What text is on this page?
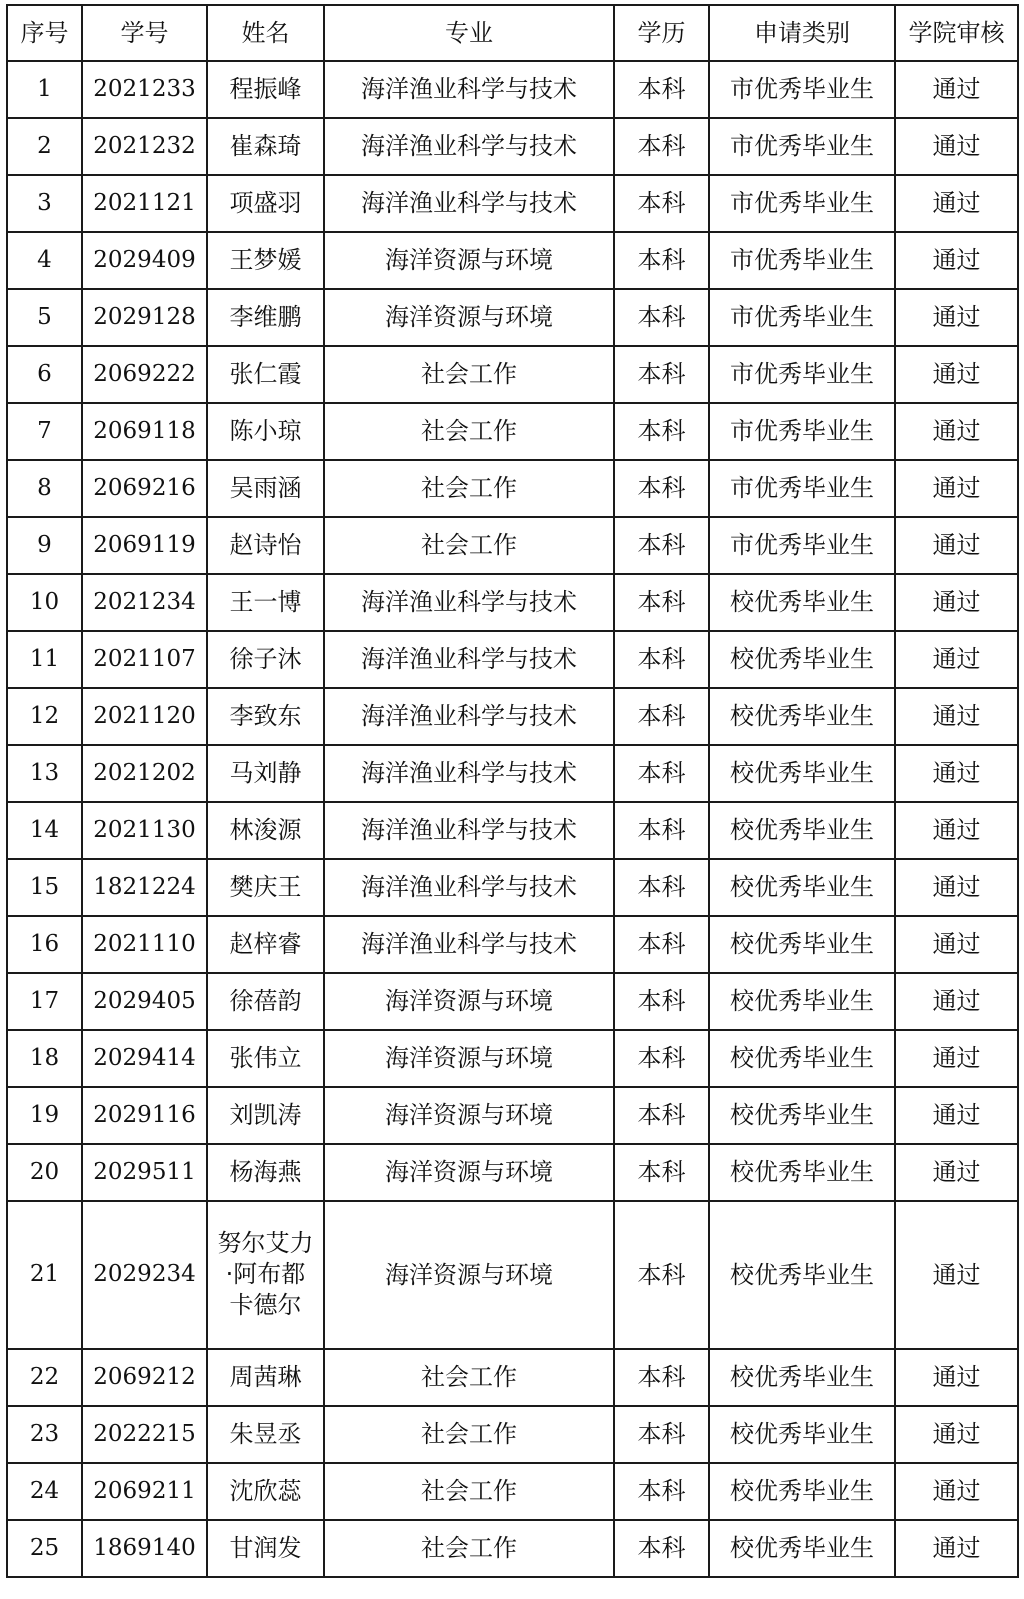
序号	学号	姓名	专业	学历	申请类别	学院审核
1	2021233	程振峰	海洋渔业科学与技术	本科	市优秀毕业生	通过
2	2021232	崔森琦	海洋渔业科学与技术	本科	市优秀毕业生	通过
3	2021121	项盛羽	海洋渔业科学与技术	本科	市优秀毕业生	通过
4	2029409	王梦媛	海洋资源与环境	本科	市优秀毕业生	通过
5	2029128	李维鹏	海洋资源与环境	本科	市优秀毕业生	通过
6	2069222	张仁霞	社会工作	本科	市优秀毕业生	通过
7	2069118	陈小琼	社会工作	本科	市优秀毕业生	通过
8	2069216	吴雨涵	社会工作	本科	市优秀毕业生	通过
9	2069119	赵诗怡	社会工作	本科	市优秀毕业生	通过
10	2021234	王一博	海洋渔业科学与技术	本科	校优秀毕业生	通过
11	2021107	徐子沐	海洋渔业科学与技术	本科	校优秀毕业生	通过
12	2021120	李致东	海洋渔业科学与技术	本科	校优秀毕业生	通过
13	2021202	马刘静	海洋渔业科学与技术	本科	校优秀毕业生	通过
14	2021130	林浚源	海洋渔业科学与技术	本科	校优秀毕业生	通过
15	1821224	樊庆王	海洋渔业科学与技术	本科	校优秀毕业生	通过
16	2021110	赵梓睿	海洋渔业科学与技术	本科	校优秀毕业生	通过
17	2029405	徐蓓韵	海洋资源与环境	本科	校优秀毕业生	通过
18	2029414	张伟立	海洋资源与环境	本科	校优秀毕业生	通过
19	2029116	刘凯涛	海洋资源与环境	本科	校优秀毕业生	通过
20	2029511	杨海燕	海洋资源与环境	本科	校优秀毕业生	通过
21	2029234	努尔艾力·阿布都卡德尔	海洋资源与环境	本科	校优秀毕业生	通过
22	2069212	周茜琳	社会工作	本科	校优秀毕业生	通过
23	2022215	朱昱丞	社会工作	本科	校优秀毕业生	通过
24	2069211	沈欣蕊	社会工作	本科	校优秀毕业生	通过
25	1869140	甘润发	社会工作	本科	校优秀毕业生	通过
